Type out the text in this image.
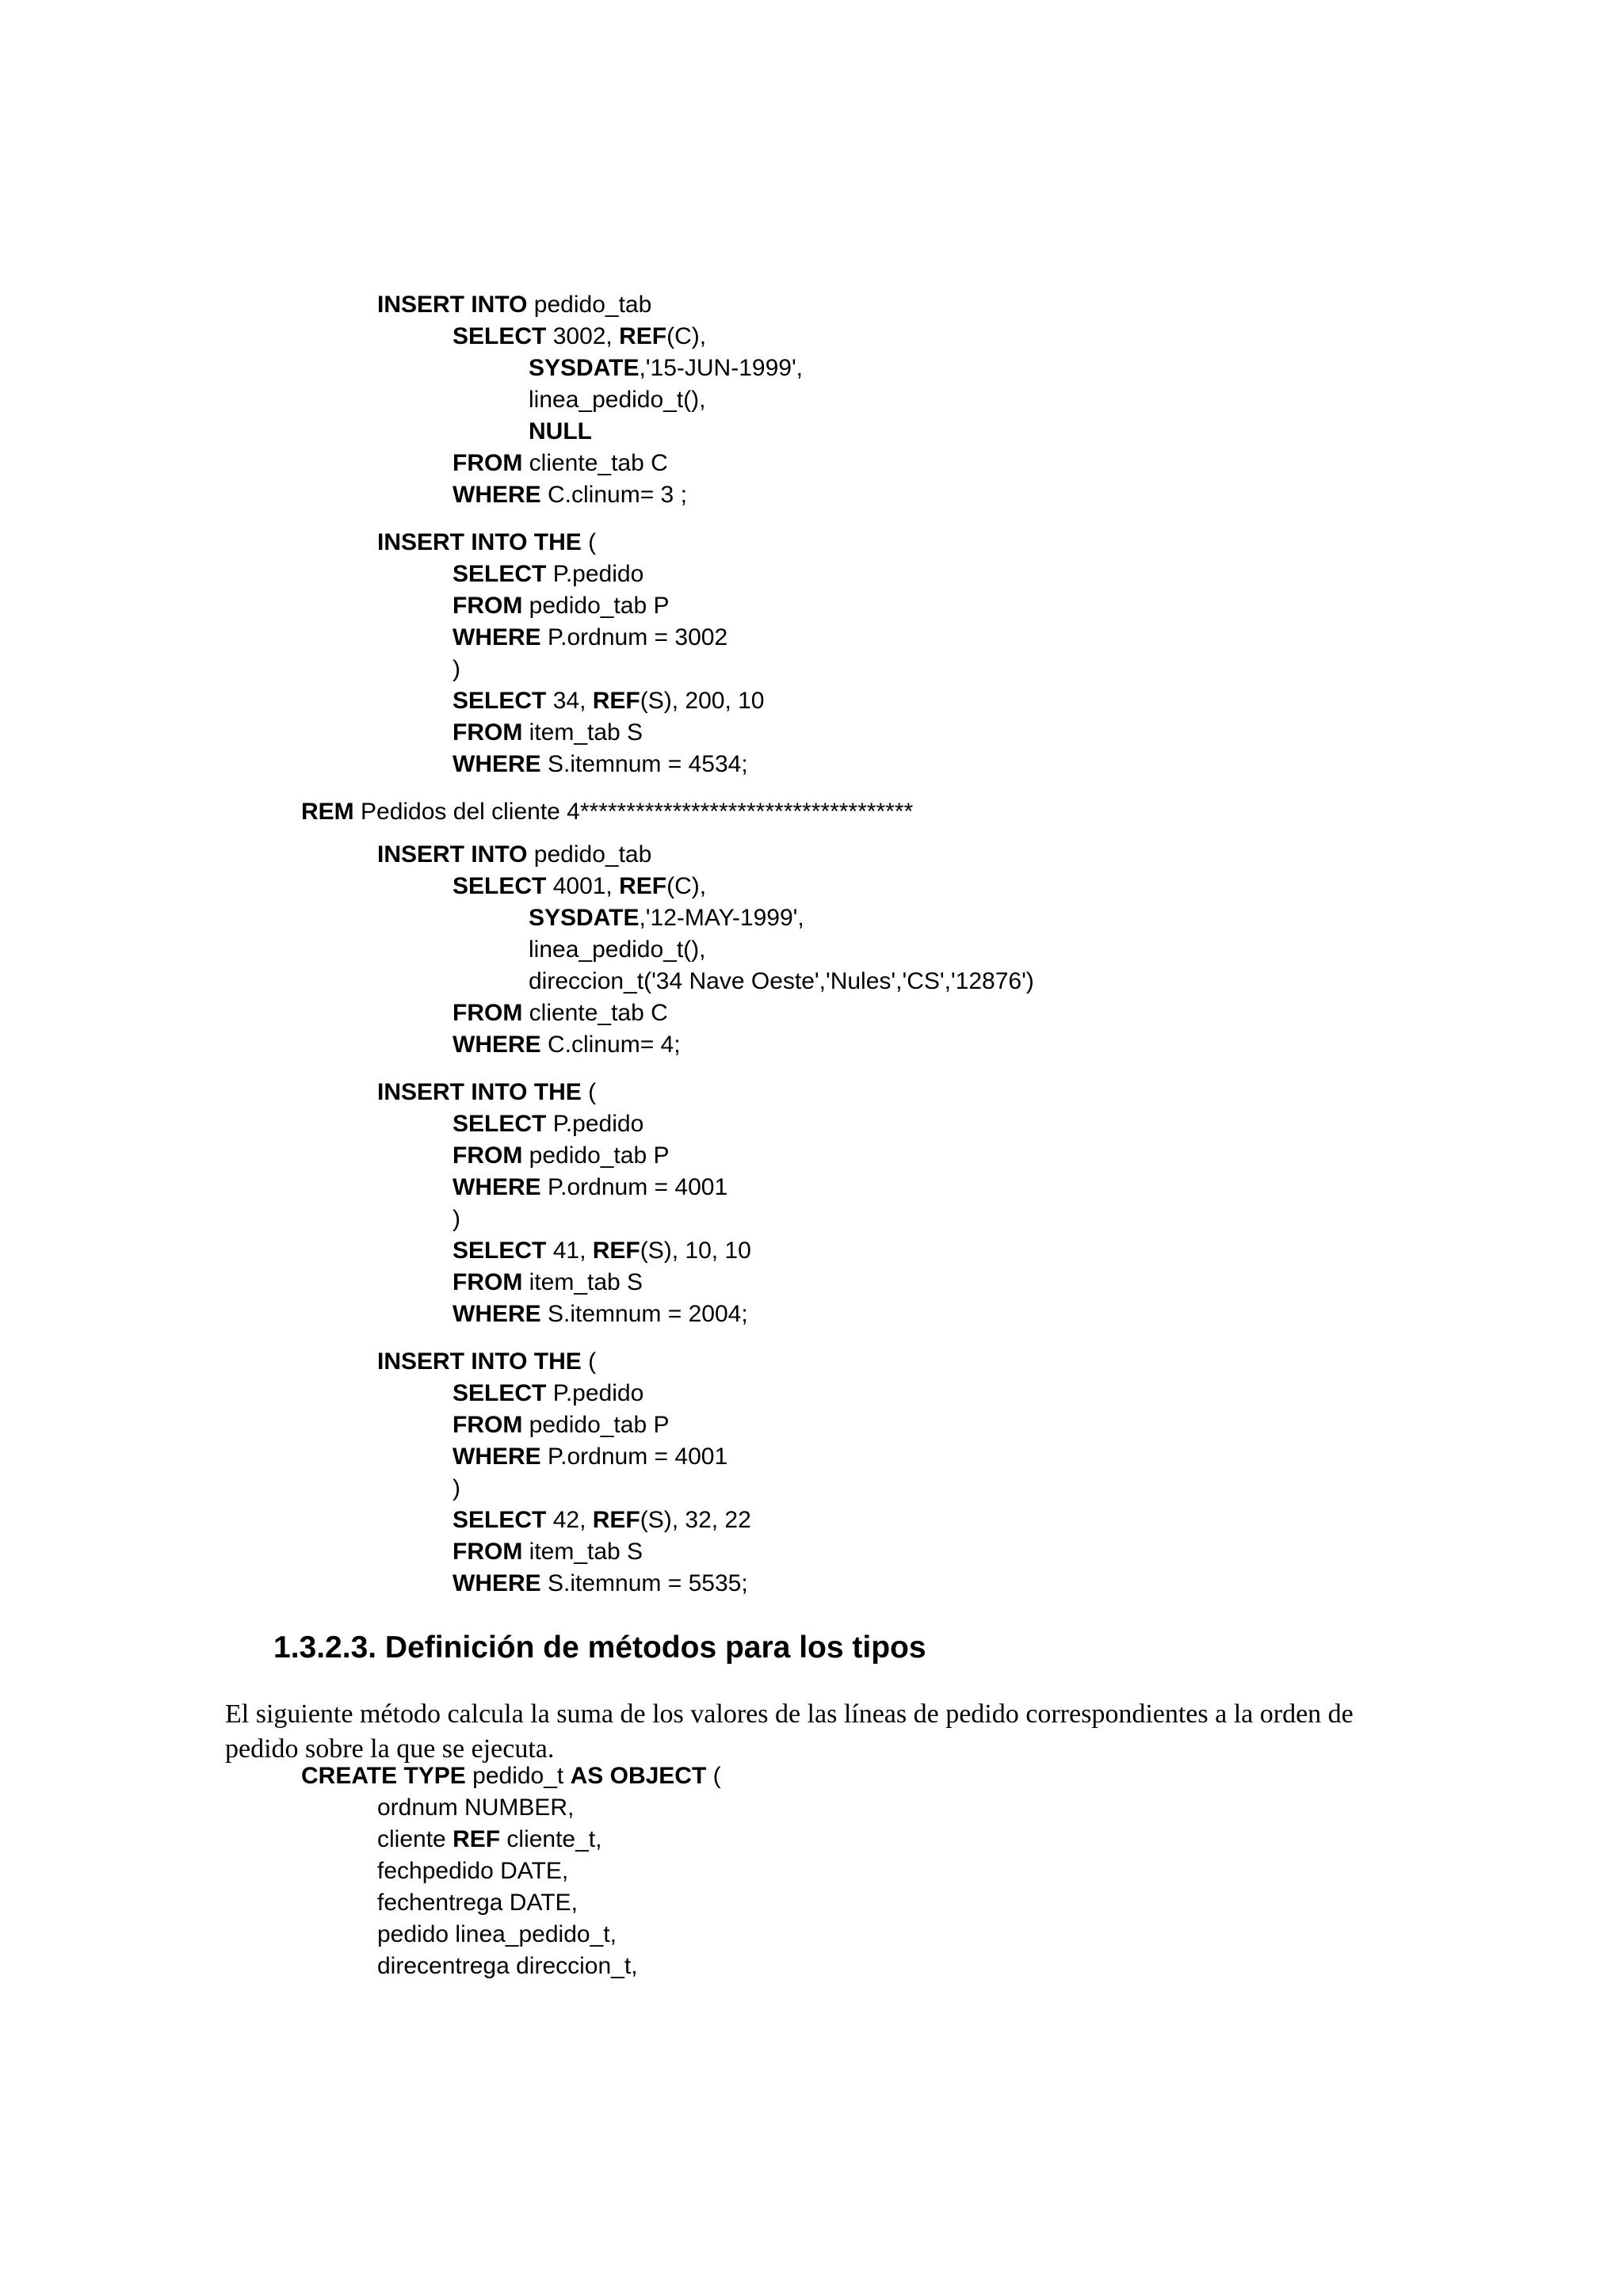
INSERT INTO pedido_tab
SELECT 3002, REF(C),
SYSDATE,'15-JUN-1999',
linea_pedido_t(),
NULL
FROM cliente_tab C
WHERE C.clinum= 3 ;
INSERT INTO THE (
SELECT P.pedido
FROM pedido_tab P
WHERE P.ordnum = 3002
)
SELECT 34, REF(S), 200, 10
FROM item_tab S
WHERE S.itemnum = 4534;
REM Pedidos del cliente 4************************************
INSERT INTO pedido_tab
SELECT 4001, REF(C),
SYSDATE,'12-MAY-1999',
linea_pedido_t(),
direccion_t('34 Nave Oeste','Nules','CS','12876')
FROM cliente_tab C
WHERE C.clinum= 4;
INSERT INTO THE (
SELECT P.pedido
FROM pedido_tab P
WHERE P.ordnum = 4001
)
SELECT 41, REF(S), 10, 10
FROM item_tab S
WHERE S.itemnum = 2004;
INSERT INTO THE (
SELECT P.pedido
FROM pedido_tab P
WHERE P.ordnum = 4001
)
SELECT 42, REF(S), 32, 22
FROM item_tab S
WHERE S.itemnum = 5535;
1.3.2.3. Definición de métodos para los tipos
El siguiente método calcula la suma de los valores de las líneas de pedido correspondientes a la orden de pedido sobre la que se ejecuta.
CREATE TYPE pedido_t AS OBJECT (
ordnum NUMBER,
cliente REF cliente_t,
fechpedido DATE,
fechentrega DATE,
pedido linea_pedido_t,
direcentrega direccion_t,
